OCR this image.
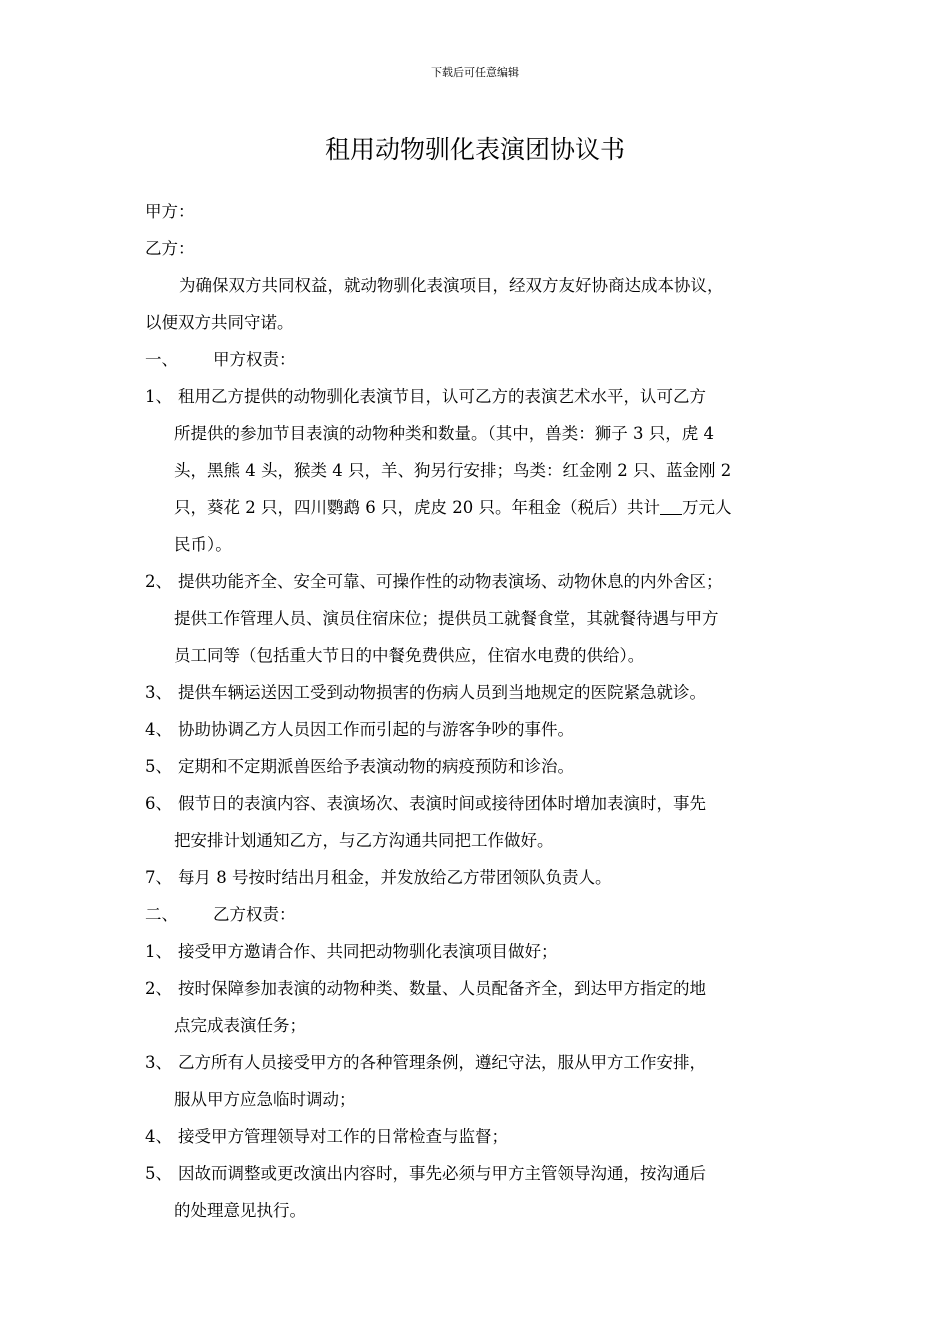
下载后可任意编辑
租用动物驯化表演团协议书
甲方：
乙方：
为确保双方共同权益，就动物驯化表演项目，经双方友好协商达成本协议，
以便双方共同守诺。
一、 甲方权责：
1、 租用乙方提供的动物驯化表演节目，认可乙方的表演艺术水平，认可乙方
所提供的参加节目表演的动物种类和数量。（其中，兽类：狮子 3 只，虎 4
头，黑熊 4 头，猴类 4 只，羊、狗另行安排；鸟类：红金刚 2 只、蓝金刚 2
只，葵花 2 只，四川鹦鹉 6 只，虎皮 20 只。年租金（税后）共计 万元人
民币）。
2、 提供功能齐全、安全可靠、可操作性的动物表演场、动物休息的内外舍区；
提供工作管理人员、演员住宿床位；提供员工就餐食堂，其就餐待遇与甲方
员工同等（包括重大节日的中餐免费供应，住宿水电费的供给）。
3、 提供车辆运送因工受到动物损害的伤病人员到当地规定的医院紧急就诊。
4、 协助协调乙方人员因工作而引起的与游客争吵的事件。
5、 定期和不定期派兽医给予表演动物的病疫预防和诊治。
6、 假节日的表演内容、表演场次、表演时间或接待团体时增加表演时，事先
把安排计划通知乙方，与乙方沟通共同把工作做好。
7、 每月 8 号按时结出月租金，并发放给乙方带团领队负责人。
二、 乙方权责：
1、 接受甲方邀请合作、共同把动物驯化表演项目做好；
2、 按时保障参加表演的动物种类、数量、人员配备齐全，到达甲方指定的地
点完成表演任务；
3、 乙方所有人员接受甲方的各种管理条例，遵纪守法，服从甲方工作安排，
服从甲方应急临时调动；
4、 接受甲方管理领导对工作的日常检查与监督；
5、 因故而调整或更改演出内容时，事先必须与甲方主管领导沟通，按沟通后
的处理意见执行。
